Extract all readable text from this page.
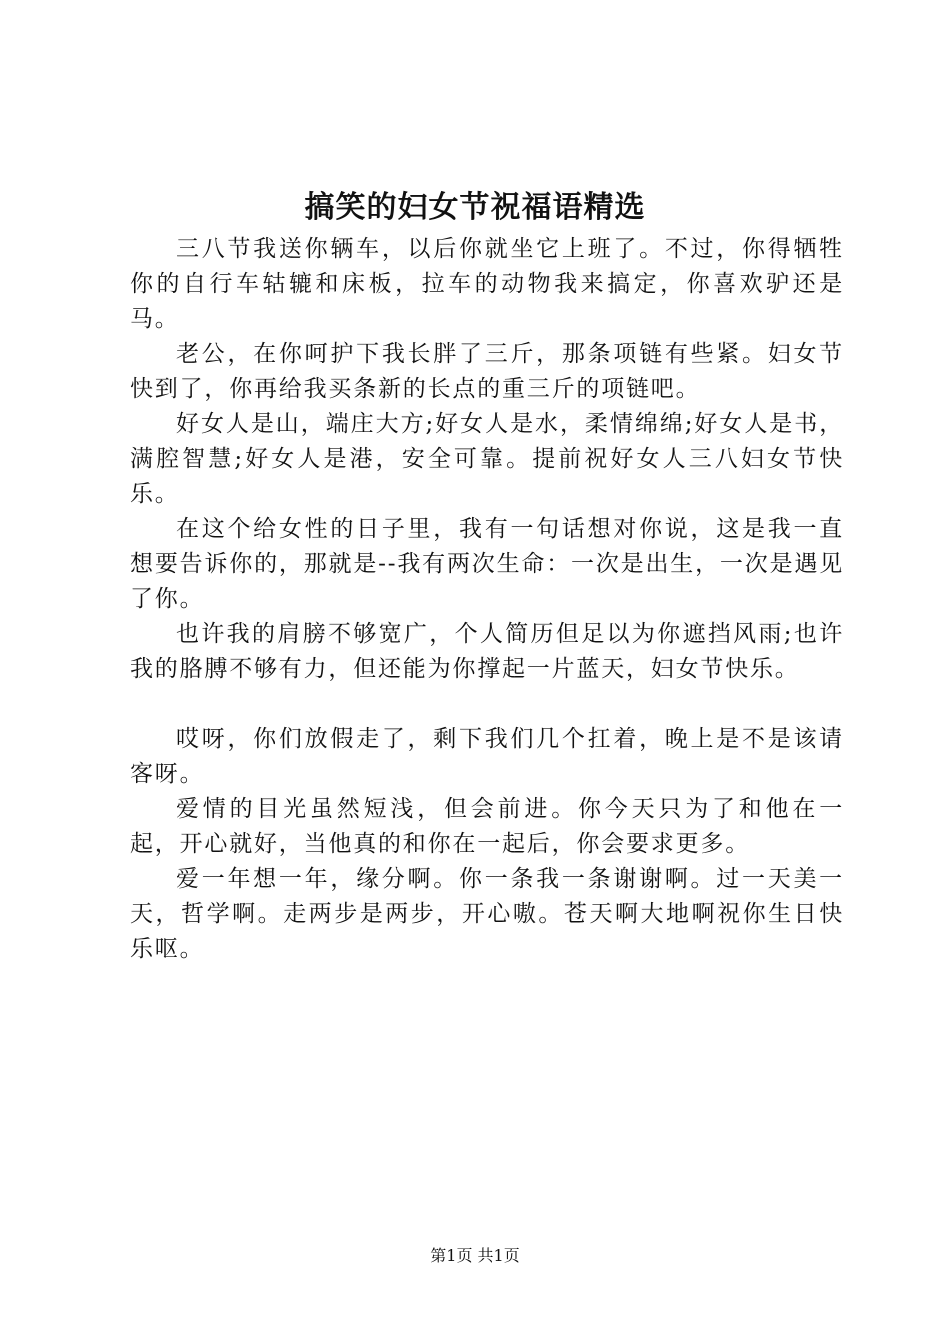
搞笑的妇女节祝福语精选

三八节我送你辆车，以后你就坐它上班了。不过，你得牺牲你的自行车轱辘和床板，拉车的动物我来搞定，你喜欢驴还是马。

老公，在你呵护下我长胖了三斤，那条项链有些紧。妇女节快到了，你再给我买条新的长点的重三斤的项链吧。

好女人是山，端庄大方;好女人是水，柔情绵绵;好女人是书，满腔智慧;好女人是港，安全可靠。提前祝好女人三八妇女节快乐。

在这个给女性的日子里，我有一句话想对你说，这是我一直想要告诉你的，那就是--我有两次生命：一次是出生，一次是遇见了你。

也许我的肩膀不够宽广，个人简历但足以为你遮挡风雨;也许我的胳膊不够有力，但还能为你撑起一片蓝天，妇女节快乐。

哎呀，你们放假走了，剩下我们几个扛着，晚上是不是该请客呀。

爱情的目光虽然短浅，但会前进。你今天只为了和他在一起，开心就好，当他真的和你在一起后，你会要求更多。

爱一年想一年，缘分啊。你一条我一条谢谢啊。过一天美一天，哲学啊。走两步是两步，开心嗷。苍天啊大地啊祝你生日快乐呕。

第1页 共1页
